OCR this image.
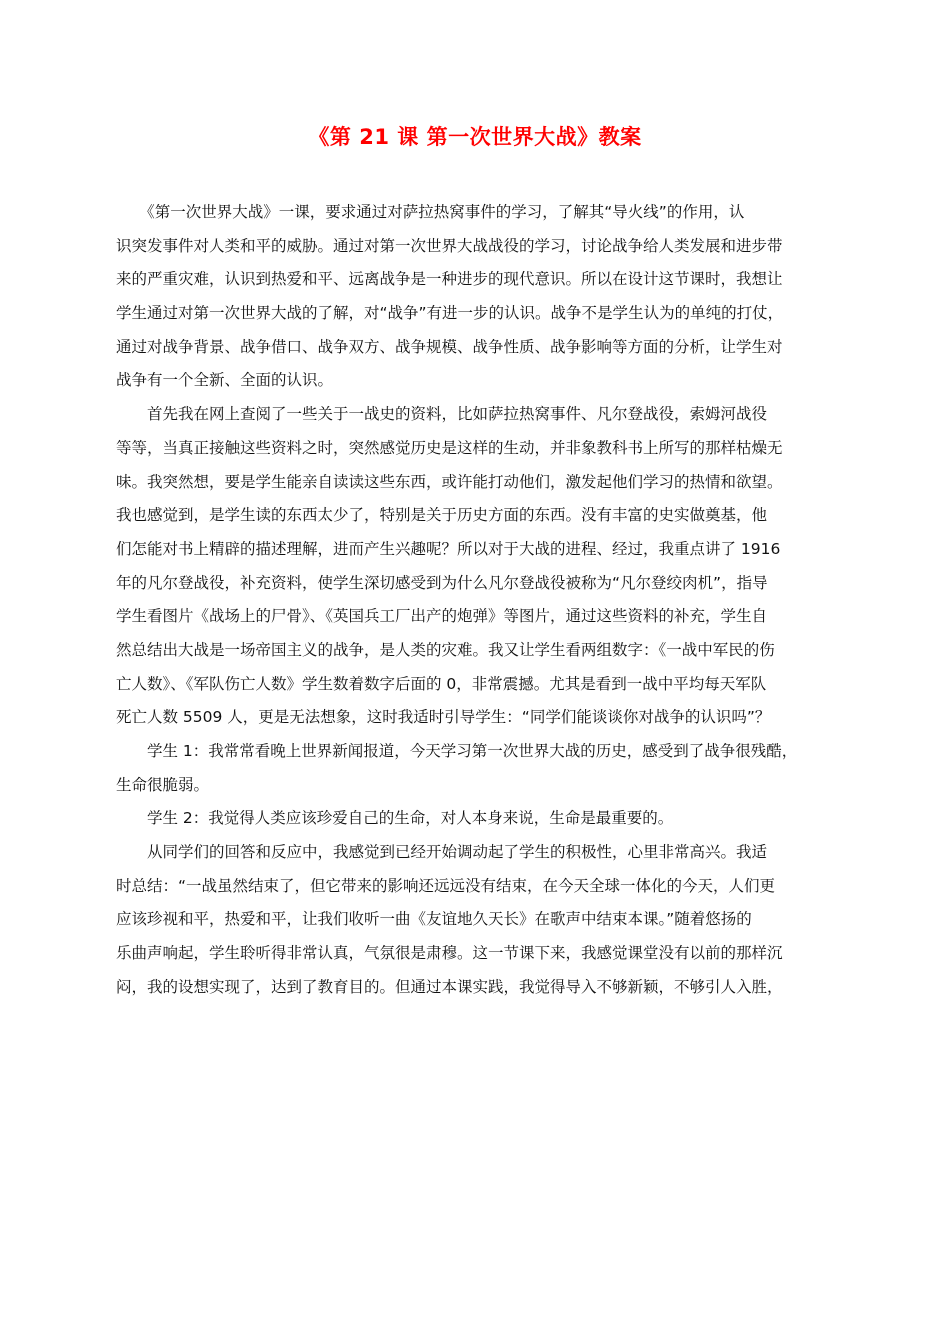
《第 21 课 第一次世界大战》教案
　　《第一次世界大战》一课，要求通过对萨拉热窝事件的学习，了解其“导火线”的作用，认
识突发事件对人类和平的威胁。通过对第一次世界大战战役的学习，讨论战争给人类发展和进步带
来的严重灾难，认识到热爱和平、远离战争是一种进步的现代意识。所以在设计这节课时，我想让
学生通过对第一次世界大战的了解，对“战争”有进一步的认识。战争不是学生认为的单纯的打仗，
通过对战争背景、战争借口、战争双方、战争规模、战争性质、战争影响等方面的分析，让学生对
战争有一个全新、全面的认识。
　　首先我在网上查阅了一些关于一战史的资料，比如萨拉热窝事件、凡尔登战役，索姆河战役
等等，当真正接触这些资料之时，突然感觉历史是这样的生动，并非象教科书上所写的那样枯燥无
味。我突然想，要是学生能亲自读读这些东西，或许能打动他们，激发起他们学习的热情和欲望。
我也感觉到，是学生读的东西太少了，特别是关于历史方面的东西。没有丰富的史实做奠基，他
们怎能对书上精辟的描述理解，进而产生兴趣呢？所以对于大战的进程、经过，我重点讲了 1916
年的凡尔登战役，补充资料，使学生深切感受到为什么凡尔登战役被称为“凡尔登绞肉机”，指导
学生看图片《战场上的尸骨》、《英国兵工厂出产的炮弹》等图片，通过这些资料的补充，学生自
然总结出大战是一场帝国主义的战争，是人类的灾难。我又让学生看两组数字：《一战中军民的伤
亡人数》、《军队伤亡人数》学生数着数字后面的 0，非常震撼。尤其是看到一战中平均每天军队
死亡人数 5509 人，更是无法想象，这时我适时引导学生：“同学们能谈谈你对战争的认识吗”？
　　学生 1：我常常看晚上世界新闻报道，今天学习第一次世界大战的历史，感受到了战争很残酷，
生命很脆弱。
　　学生 2：我觉得人类应该珍爱自己的生命，对人本身来说，生命是最重要的。
　　从同学们的回答和反应中，我感觉到已经开始调动起了学生的积极性，心里非常高兴。我适
时总结：“一战虽然结束了，但它带来的影响还远远没有结束，在今天全球一体化的今天，人们更
应该珍视和平，热爱和平，让我们收听一曲《友谊地久天长》在歌声中结束本课。”随着悠扬的
乐曲声响起，学生聆听得非常认真，气氛很是肃穆。这一节课下来，我感觉课堂没有以前的那样沉
闷，我的设想实现了，达到了教育目的。但通过本课实践，我觉得导入不够新颖，不够引人入胜，
